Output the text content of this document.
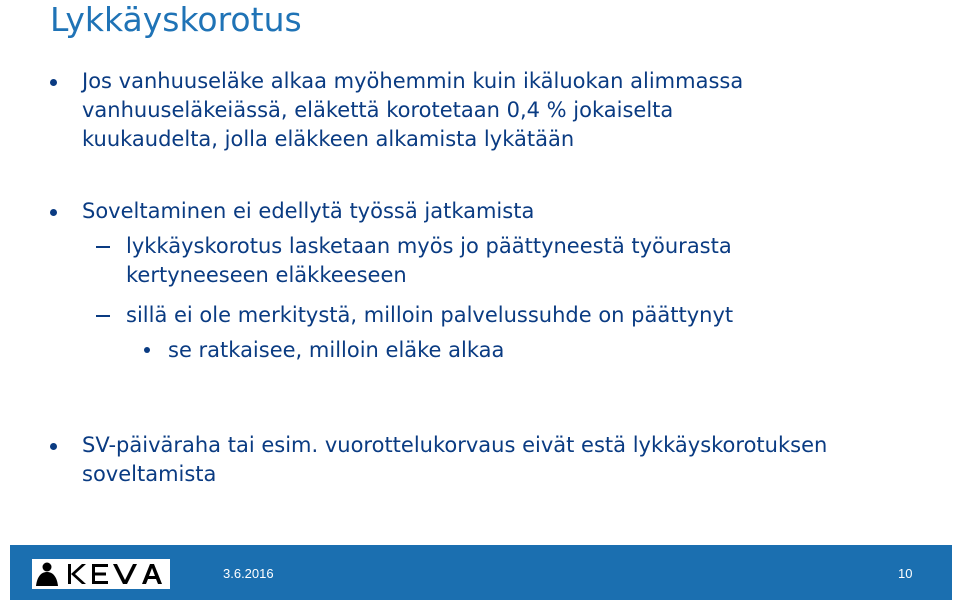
Lykkäyskorotus
Jos vanhuuseläke alkaa myöhemmin kuin ikäluokan alimmassa
vanhuuseläkeiässä, eläkettä korotetaan 0,4 % jokaiselta
kuukaudelta, jolla eläkkeen alkamista lykätään
Soveltaminen ei edellytä työssä jatkamista
lykkäyskorotus lasketaan myös jo päättyneestä työurasta
kertyneeseen eläkkeeseen
sillä ei ole merkitystä, milloin palvelussuhde on päättynyt
se ratkaisee, milloin eläke alkaa
SV-päiväraha tai esim. vuorottelukorvaus eivät estä lykkäyskorotuksen
soveltamista
3.6.2016	10
